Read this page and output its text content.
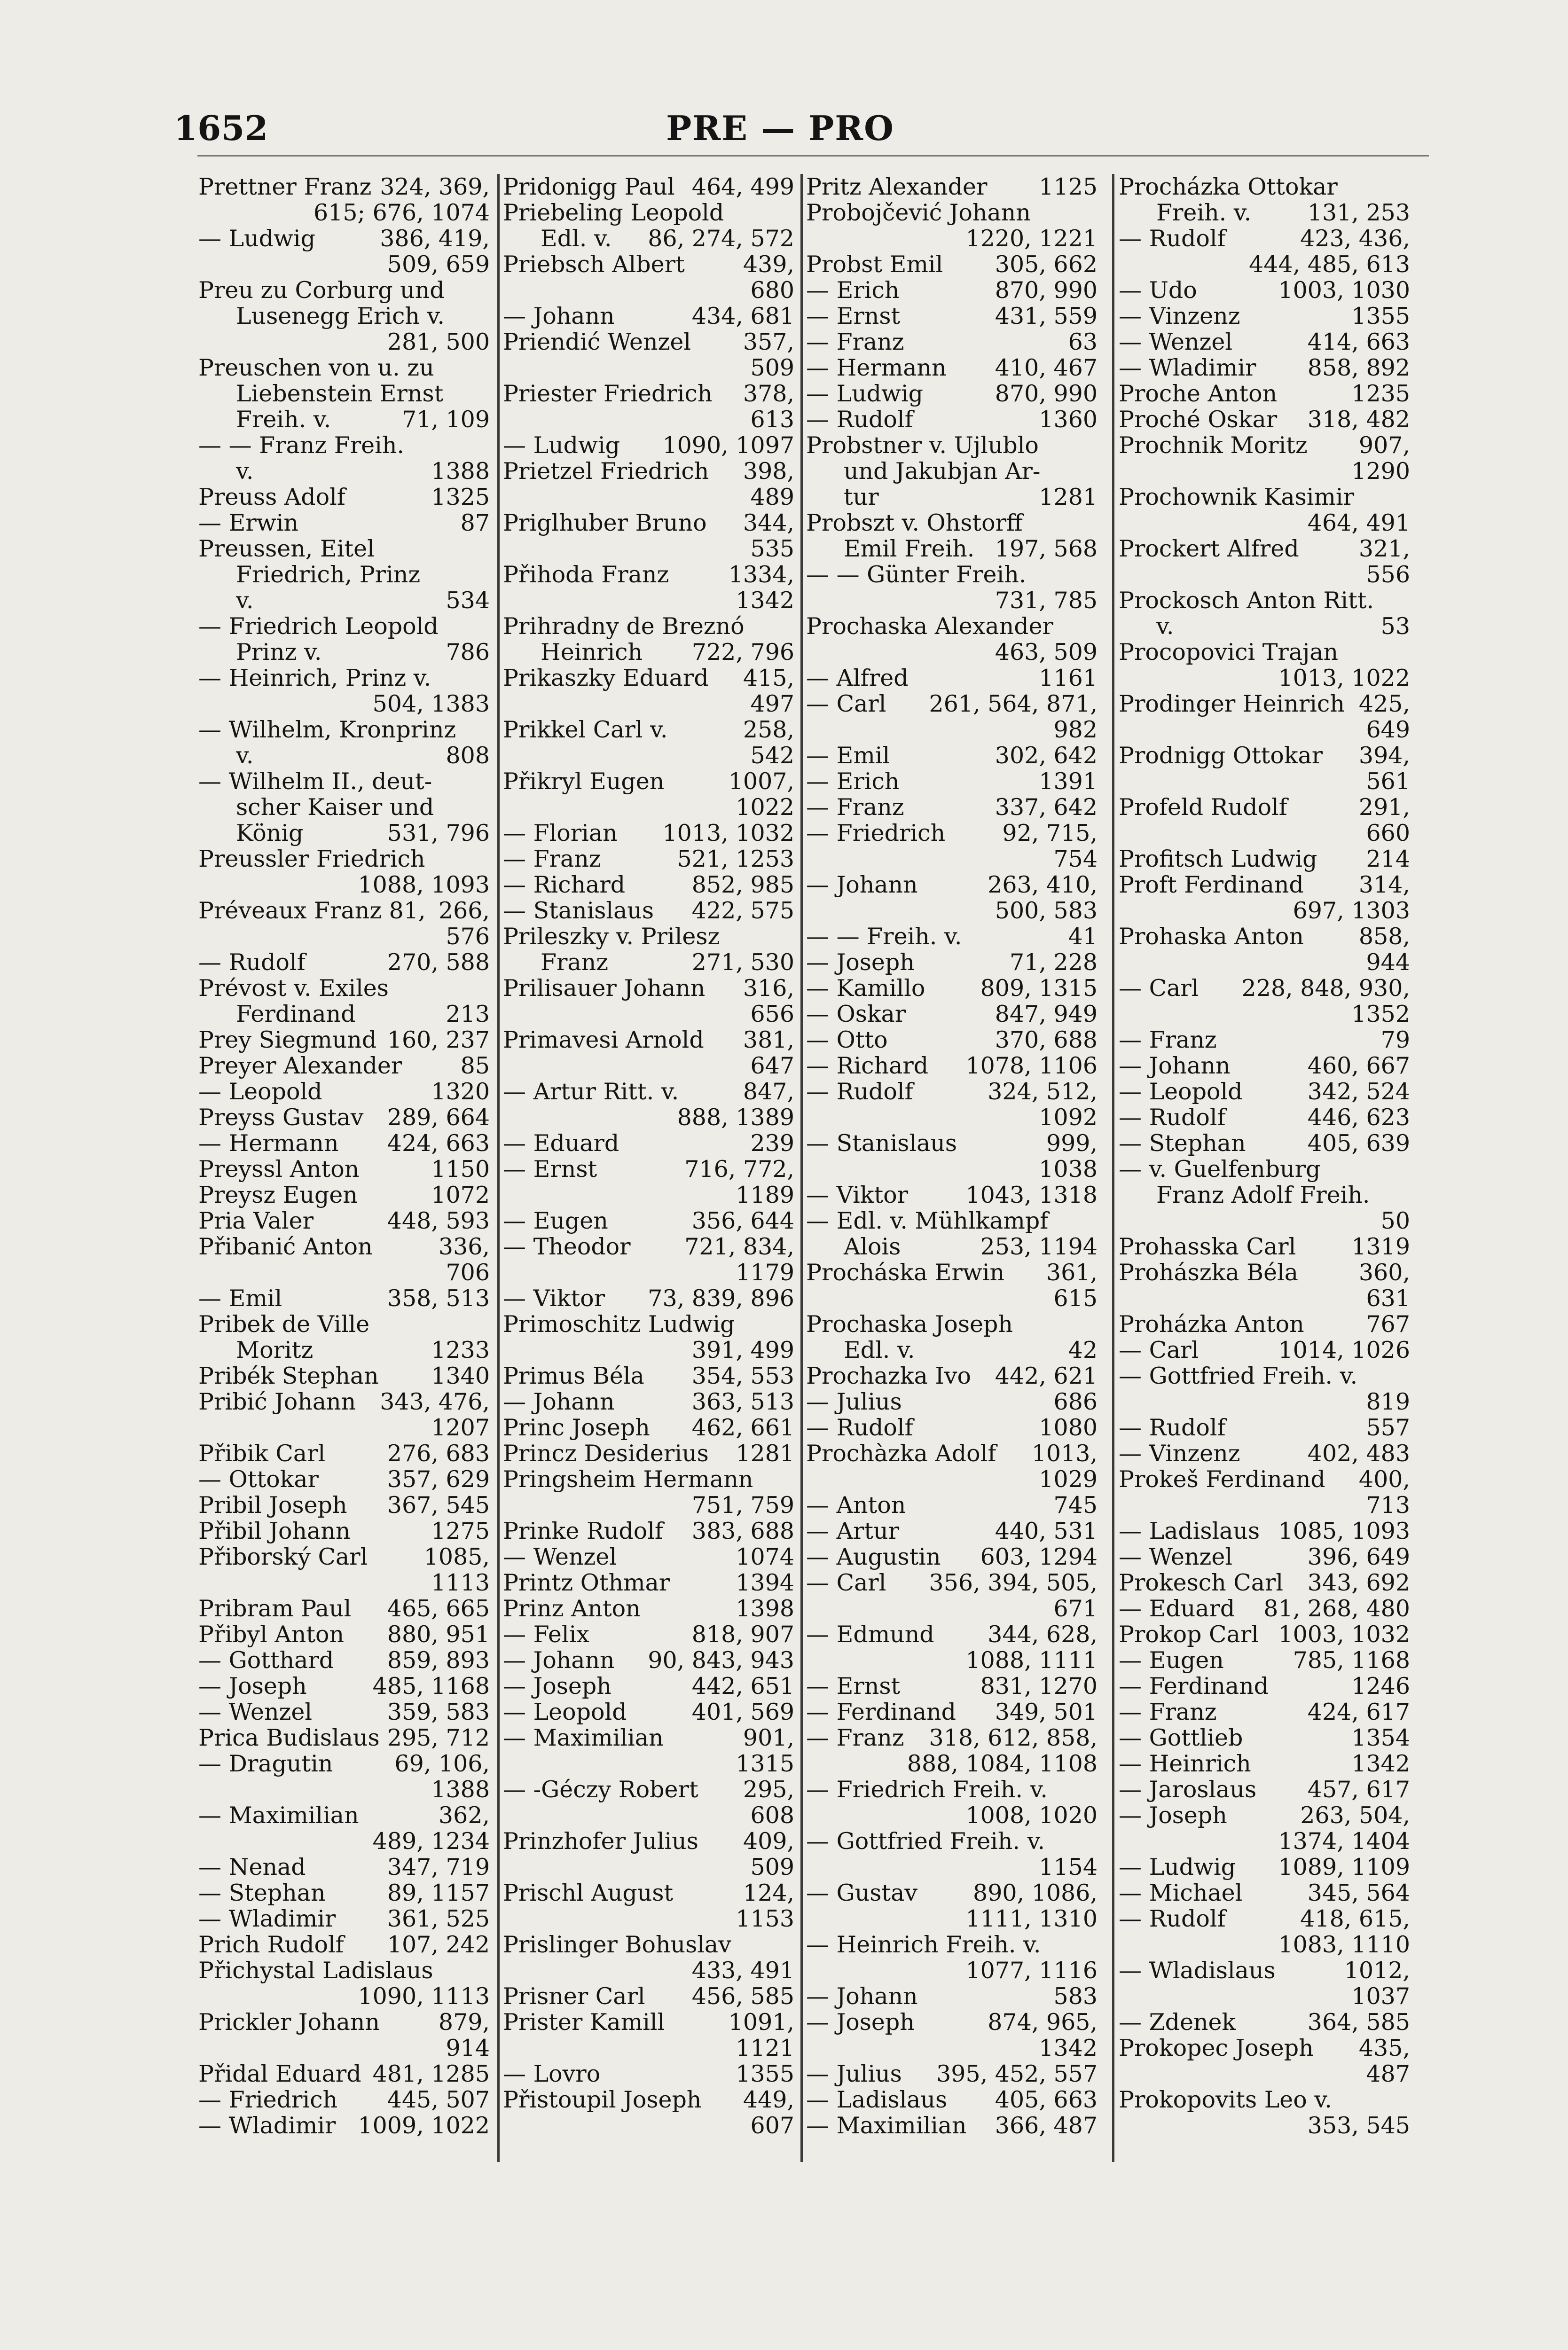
1652	PRE — PRO
Prettner Franz 324, 369,
615; 676, 1074
— Ludwig	386, 419,
509, 659
Preu zu Corburg und
Lusenegg Erich v.
281, 500
Preuschen von u. zu
Liebenstein Ernst
Freih. v.	71, 109
— — Franz Freih.
v.	1388
Preuss Adolf	1325
— Erwin	87
Preussen, Eitel
Friedrich, Prinz
v.	534
— Friedrich Leopold
Prinz v.	786
— Heinrich, Prinz v.
504, 1383
— Wilhelm, Kronprinz
v.	808
— Wilhelm II., deut-
scher Kaiser und
König	531, 796
Preussler Friedrich
1088, 1093
Préveaux Franz 81, 266,
576
— Rudolf	270, 588
Prévost v. Exiles
Ferdinand	213
Prey Siegmund 160, 237
Preyer Alexander	85
— Leopold	1320
Preyss Gustav	289, 664
— Hermann	424, 663
Preyssl Anton	1150
Preysz Eugen	1072
Pria Valer	448, 593
Přibanić Anton	336,
706
— Emil	358, 513
Pribek de Ville
Moritz	1233
Pribék Stephan	1340
Pribić Johann	343, 476,
1207
Přibik Carl	276, 683
— Ottokar	357, 629
Pribil Joseph	367, 545
Přibil Johann	1275
Přiborský Carl	1085,
1113
Pribram Paul	465, 665
Přibyl Anton	880, 951
— Gotthard	859, 893
— Joseph	485, 1168
— Wenzel	359, 583
Prica Budislaus 295, 712
— Dragutin	69, 106,
1388
— Maximilian	362,
489, 1234
— Nenad	347, 719
— Stephan	89, 1157
— Wladimir	361, 525
Prich Rudolf	107, 242
Přichystal Ladislaus
1090, 1113
Prickler Johann	879,
914
Přidal Eduard 481, 1285
— Friedrich	445, 507
— Wladimir 1009, 1022
Pridonigg Paul 464, 499
Priebeling Leopold
Edl. v.	86, 274, 572
Priebsch Albert	439,
680
— Johann	434, 681
Priendić Wenzel	357,
509
Priester Friedrich	378,
613
— Ludwig	1090, 1097
Prietzel Friedrich	398,
489
Priglhuber Bruno	344,
535
Přihoda Franz	1334,
1342
Prihradny de Breznó
Heinrich	722, 796
Prikaszky Eduard	415,
497
Prikkel Carl v.	258,
542
Přikryl Eugen	1007,
1022
— Florian	1013, 1032
— Franz	521, 1253
— Richard	852, 985
— Stanislaus	422, 575
Prileszky v. Prilesz
Franz	271, 530
Prilisauer Johann	316,
656
Primavesi Arnold	381,
647
— Artur Ritt. v.	847,
888, 1389
— Eduard	239
— Ernst	716, 772,
1189
— Eugen	356, 644
— Theodor	721, 834,
1179
— Viktor	73, 839, 896
Primoschitz Ludwig
391, 499
Primus Béla	354, 553
— Johann	363, 513
Princ Joseph	462, 661
Princz Desiderius	1281
Pringsheim Hermann
751, 759
Prinke Rudolf	383, 688
— Wenzel	1074
Printz Othmar	1394
Prinz Anton	1398
— Felix	818, 907
— Johann	90, 843, 943
— Joseph	442, 651
— Leopold	401, 569
— Maximilian	901,
1315
— -Géczy Robert	295,
608
Prinzhofer Julius	409,
509
Prischl August	124,
1153
Prislinger Bohuslav
433, 491
Prisner Carl	456, 585
Prister Kamill	1091,
1121
— Lovro	1355
Přistoupil Joseph	449,
607
Pritz Alexander	1125
Probojčević Johann
1220, 1221
Probst Emil	305, 662
— Erich	870, 990
— Ernst	431, 559
— Franz	63
— Hermann	410, 467
— Ludwig	870, 990
— Rudolf	1360
Probstner v. Ujlublo
und Jakubjan Ar-
tur	1281
Probszt v. Ohstorff
Emil Freih. 197, 568
— — Günter Freih.
731, 785
Prochaska Alexander
463, 509
— Alfred	1161
— Carl	261, 564, 871,
982
— Emil	302, 642
— Erich	1391
— Franz	337, 642
— Friedrich	92, 715,
754
— Johann	263, 410,
500, 583
— — Freih. v.	41
— Joseph	71, 228
— Kamillo	809, 1315
— Oskar	847, 949
— Otto	370, 688
— Richard	1078, 1106
— Rudolf	324, 512,
1092
— Stanislaus	999,
1038
— Viktor	1043, 1318
— Edl. v. Mühlkampf
Alois	253, 1194
Procháska Erwin	361,
615
Prochaska Joseph
Edl. v.	42
Prochazka Ivo	442, 621
— Julius	686
— Rudolf	1080
Prochàzka Adolf	1013,
1029
— Anton	745
— Artur	440, 531
— Augustin	603, 1294
— Carl	356, 394, 505,
671
— Edmund	344, 628,
1088, 1111
— Ernst	831, 1270
— Ferdinand	349, 501
— Franz	318, 612, 858,
888, 1084, 1108
— Friedrich Freih. v.
1008, 1020
— Gottfried Freih. v.
1154
— Gustav	890, 1086,
1111, 1310
— Heinrich Freih. v.
1077, 1116
— Johann	583
— Joseph	874, 965,
1342
— Julius	395, 452, 557
— Ladislaus	405, 663
— Maximilian	366, 487
Procházka Ottokar
Freih. v.	131, 253
— Rudolf	423, 436,
444, 485, 613
— Udo	1003, 1030
— Vinzenz	1355
— Wenzel	414, 663
— Wladimir	858, 892
Proche Anton	1235
Proché Oskar	318, 482
Prochnik Moritz	907,
1290
Prochownik Kasimir
464, 491
Prockert Alfred	321,
556
Prockosch Anton Ritt.
v.	53
Procopovici Trajan
1013, 1022
Prodinger Heinrich 425,
649
Prodnigg Ottokar	394,
561
Profeld Rudolf	291,
660
Profitsch Ludwig	214
Proft Ferdinand	314,
697, 1303
Prohaska Anton	858,
944
— Carl	228, 848, 930,
1352
— Franz	79
— Johann	460, 667
— Leopold	342, 524
— Rudolf	446, 623
— Stephan	405, 639
— v. Guelfenburg
Franz Adolf Freih.
50
Prohasska Carl	1319
Prohászka Béla	360,
631
Proházka Anton	767
— Carl	1014, 1026
— Gottfried Freih. v.
819
— Rudolf	557
— Vinzenz	402, 483
Prokeš Ferdinand	400,
713
— Ladislaus 1085, 1093
— Wenzel	396, 649
Prokesch Carl	343, 692
— Eduard	81, 268, 480
Prokop Carl 1003, 1032
— Eugen	785, 1168
— Ferdinand	1246
— Franz	424, 617
— Gottlieb	1354
— Heinrich	1342
— Jaroslaus	457, 617
— Joseph	263, 504,
1374, 1404
— Ludwig	1089, 1109
— Michael	345, 564
— Rudolf	418, 615,
1083, 1110
— Wladislaus	1012,
1037
— Zdenek	364, 585
Prokopec Joseph	435,
487
Prokopovits Leo v.
353, 545
